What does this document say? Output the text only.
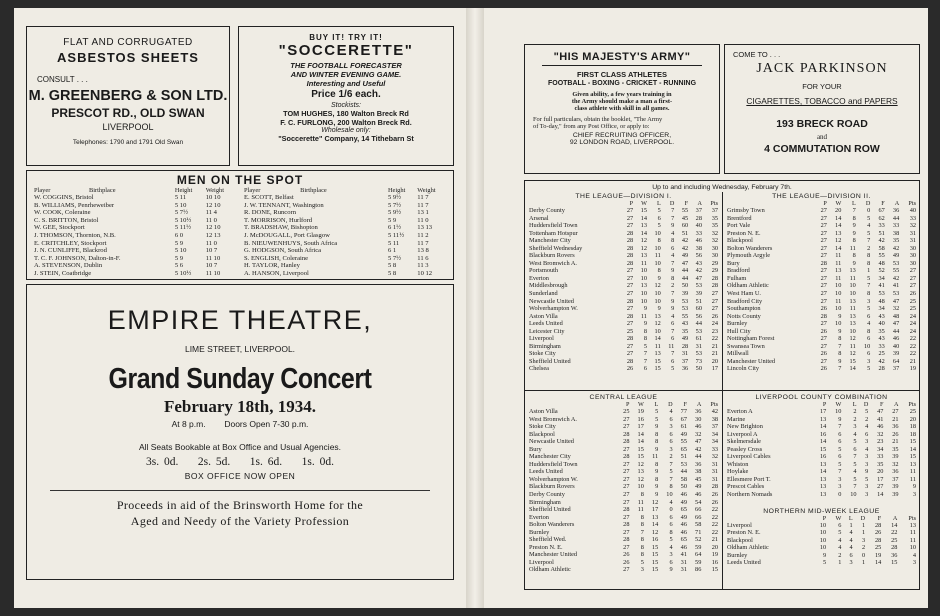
FLAT AND CORRUGATED
ASBESTOS SHEETS
CONSULT . . .
M. GREENBERG & SON LTD.
PRESCOT RD., OLD SWAN
LIVERPOOL
Telephones: 1790 and 1791 Old Swan
BUY IT! TRY IT!
"SOCCERETTE"
THE FOOTBALL FORECASTER
AND WINTER EVENING GAME.
Interesting and Useful
Price 1/6 each.
Stockists:
TOM HUGHES, 180 Walton Breck Rd
F. C. FURLONG, 200 Walton Breck Rd.
Wholesale only:
"Soccerette" Company, 14 Tithebarn St
MEN ON THE SPOT
Player	Birthplace	Height	Weight
W. COGGINS, Bristol		5 11	10 10
B. WILLIAMS, Penrheweiber		5 10	12 10
W. COOK, Coleraine		5 7½	11 4
C. S. BRITTON, Bristol		5 10½	11 0
W. GEE, Stockport		5 11½	12 10
J. THOMSON, Thornton, N.B.		6 0	12 13
E. CRITCHLEY, Stockport		5 9	11 0
J. N. CUNLIFFE, Blackrod		5 10	10 7
T. C. F. JOHNSON, Dalton-in-F.		5 9	11 10
A. STEVENSON, Dublin		5 6	10 7
J. STEIN, Coatbridge		5 10½	11 10
Player	Birthplace	Height	Weight
E. SCOTT, Belfast		5 9½	11 7
J. W. TENNANT, Washington		5 7½	11 7
R. DONE, Runcorn		5 9½	13 1
T. MORRISON, Hurlford		5 9	11 0
T. BRADSHAW, Bishopton		6 1½	13 13
J. McDOUGALL, Port Glasgow		5 11½	11 2
B. NIEUWENHUYS, South Africa		5 11	11 7
G. HODGSON, South Africa		6 1	13 8
S. ENGLISH, Coleraine		5 7½	11 6
H. TAYLOR, Hanley		5 8	11 3
A. HANSON, Liverpool		5 8	10 12
EMPIRE THEATRE,
LIME STREET, LIVERPOOL.
Grand Sunday Concert
February 18th, 1934.
At 8 p.m. Doors Open 7-30 p.m.
All Seats Bookable at Box Office and Usual Agencies.
3s. 0d. 2s. 5d. 1s. 6d. 1s. 0d.
BOX OFFICE NOW OPEN
Proceeds in aid of the Brinsworth Home for the
Aged and Needy of the Variety Profession
"HIS MAJESTY'S ARMY"
FIRST CLASS ATHLETES
FOOTBALL - BOXING - CRICKET - RUNNING
Given ability, a few years training in
the Army should make a man a first-
class athlete with skill in all games.
For full particulars, obtain the booklet, "The Army
of To-day," from any Post Office, or apply to:
CHIEF RECRUITING OFFICER,
92 LONDON ROAD, LIVERPOOL.
COME TO . . .
JACK PARKINSON
FOR YOUR
CIGARETTES, TOBACCO and PAPERS
193 BRECK ROAD
and
4 COMMUTATION ROW
Up to and including Wednesday, February 7th.
THE LEAGUE—DIVISION I.
	P	W	L	D	F	A	Pts
Derby County	27	15	5	7	55	37	37
Arsenal	27	14	6	7	45	28	35
Huddersfield Town	27	13	5	9	60	40	35
Tottenham Hotspur	28	14	10	4	51	33	32
Manchester City	28	12	8	8	42	46	32
Sheffield Wednesday	28	12	10	6	42	38	30
Blackburn Rovers	28	13	11	4	49	56	30
West Bromwich A.	28	11	10	7	47	43	29
Portsmouth	27	10	8	9	44	42	29
Everton	27	10	9	8	44	47	28
Middlesbrough	27	13	12	2	50	53	28
Sunderland	27	10	10	7	39	39	27
Newcastle United	28	10	10	9	53	51	27
Wolverhampton W.	27	9	9	9	53	60	27
Aston Villa	28	11	13	4	55	56	26
Leeds United	27	9	12	6	43	44	24
Leicester City	25	8	10	7	35	53	23
Liverpool	28	8	14	6	49	61	22
Birmingham	27	5	11	11	28	31	21
Stoke City	27	7	13	7	31	53	21
Sheffield United	28	7	15	6	37	73	20
Chelsea	26	6	15	5	36	50	17
THE LEAGUE—DIVISION II.
	P	W	L	D	F	A	Pts
Grimsby Town	27	20	7	0	67	36	40
Brentford	27	14	8	5	62	44	33
Port Vale	27	14	9	4	33	33	32
Preston N. E.	27	13	9	5	51	38	31
Blackpool	27	12	8	7	42	35	31
Bolton Wanderers	27	14	11	2	58	42	30
Plymouth Argyle	27	11	8	8	55	49	30
Bury	28	11	9	8	48	53	30
Bradford	27	13	13	1	52	55	27
Fulham	27	11	11	5	34	42	27
Oldham Athletic	27	10	10	7	41	41	27
West Ham U.	27	10	10	8	53	53	26
Bradford City	27	11	13	3	48	47	25
Southampton	26	10	11	5	34	32	25
Notts County	28	9	13	6	43	48	24
Burnley	27	10	13	4	40	47	24
Hull City	26	9	10	8	35	44	24
Nottingham Forest	27	8	12	6	43	46	22
Swansea Town	27	7	11	10	33	40	22
Millwall	26	8	12	6	25	39	22
Manchester United	27	9	15	3	42	64	21
Lincoln City	26	7	14	5	28	37	19
CENTRAL LEAGUE
	P	W	L	D	F	A	Pts
Aston Villa	25	19	5	4	77	36	42
West Bromwich A.	27	16	5	6	67	30	38
Stoke City	27	17	9	3	61	46	37
Blackpool	28	14	8	6	49	32	34
Newcastle United	28	14	8	6	55	47	34
Bury	27	15	9	3	65	42	33
Manchester City	28	15	11	2	51	44	32
Huddersfield Town	27	12	8	7	53	36	31
Leeds United	27	13	9	5	44	38	31
Wolverhampton W.	27	12	8	7	58	45	31
Blackburn Rovers	27	10	9	8	50	49	28
Derby County	27	8	9	10	46	46	26
Birmingham	27	11	12	4	49	54	26
Sheffield United	28	11	17	0	65	66	22
Everton	27	8	13	6	49	66	22
Bolton Wanderers	28	8	14	6	46	58	22
Burnley	27	7	12	8	46	71	22
Sheffield Wed.	28	8	16	5	65	52	21
Preston N. E.	27	8	15	4	46	59	20
Manchester United	26	8	15	3	41	64	19
Liverpool	26	5	15	6	31	59	16
Oldham Athletic	27	3	15	9	31	86	15
LIVERPOOL COUNTY COMBINATION
	P	W	L	D	F	A	Pts
Everton A	17	10	2	5	47	27	25
Marine	13	9	2	2	41	21	20
New Brighton	14	7	3	4	46	36	18
Liverpool A	16	6	4	6	32	26	18
Skelmersdale	14	6	5	3	23	21	15
Peasley Cross	15	5	6	4	34	35	14
Liverpool Cables	16	6	7	3	33	39	15
Whiston	13	5	5	3	35	32	13
Hoylake	14	7	4	9	20	36	11
Ellesmere Port T.	13	3	5	5	17	37	11
Prescot Cables	13	3	7	3	27	39	9
Northern Nomads	13	0	10	3	14	39	3
NORTHERN MID-WEEK LEAGUE
	P	W	L	D	F	A	Pts
Liverpool	10	6	1	1	28	14	13
Preston N. E.	10	5	4	1	26	22	11
Blackpool	10	4	4	3	28	25	11
Oldham Athletic	10	4	4	2	25	28	10
Burnley	9	2	6	0	19	36	4
Leeds United	5	1	3	1	14	15	3
